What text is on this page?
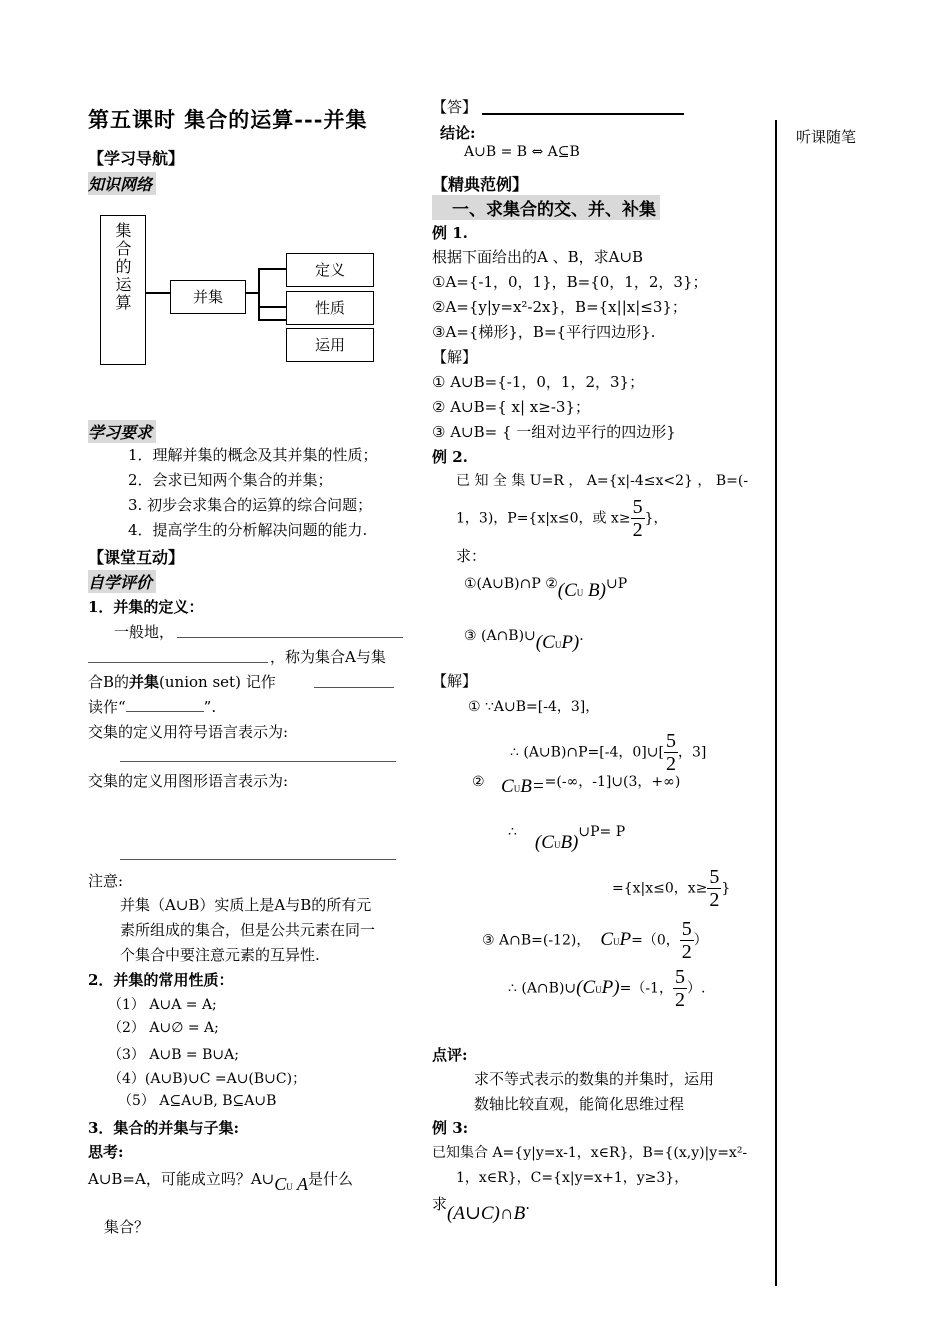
第五课时 集合的运算---并集
【学习导航】
知识网络
集合的运算	并集
定义
性质
运用
学习要求
1．理解并集的概念及其并集的性质；
2．会求已知两个集合的并集；
3. 初步会求集合的运算的综合问题；
4．提高学生的分析解决问题的能力.
【课堂互动】
自学评价
1．并集的定义：
一般地，
，称为集合A与集
合B的并集(union set) 记作
读作“	”.
交集的定义用符号语言表示为:
交集的定义用图形语言表示为:
注意:
并集（A∪B）实质上是A与B的所有元
素所组成的集合，但是公共元素在同一
个集合中要注意元素的互异性.
2．并集的常用性质：
（1） A∪A = A;
（2） A∪∅ = A;
（3） A∪B = B∪A;
（4）(A∪B)∪C =A∪(B∪C)；
（5） A⊆A∪B, B⊆A∪B
3．集合的并集与子集:
思考:
A∪B=A，可能成立吗？A∪CU A是什么
集合？
【答】
结论:
A∪B = B ⇔ A⊆B
【精典范例】
一、求集合的交、并、补集
例 1.
根据下面给出的A 、B，求A∪B
①A={-1，0，1}，B={0，1，2，3}；
②A={y|y=x²-2x}，B={x||x|≤3}；
③A={梯形}，B={平行四边形}.
【解】
① A∪B={-1，0，1，2，3}；
② A∪B={ x| x≥-3}；
③ A∪B= { 一组对边平行的四边形}
例 2.
已 知 全 集 U=R ， A={x|-4≤x<2} ， B=(-
1，3)，P={x|x≤0，或 $x\ge \frac{5}{2}$ }，
求：
①(A∪B)∩P ②(CU B)∪P
③ (A∩B)∪(CUP).
【解】
① ∵A∪B=[-4，3]，
∴ (A∪B)∩P=[-4，0]∪[ $\frac{5}{2}$ ，3]
② CUB==(-∞，-1]∪(3，+∞)
∴ (CUB)∪P= P
={x|x≤0，$x\ge \frac{5}{2}$ }
③ A∩B=(-12)， CUP=（0， $\frac{5}{2}$ ）
∴ (A∩B)∪(CUP)=（-1， $\frac{5}{2}$ ）.
点评:
求不等式表示的数集的并集时，运用
数轴比较直观，能简化思维过程
例 3:
已知集合 A={y|y=x-1，x∈R}，B={(x,y)|y=x²-
1，x∈R}，C={x|y=x+1，y≥3}，
求(A∪C)∩B.
听课随笔
